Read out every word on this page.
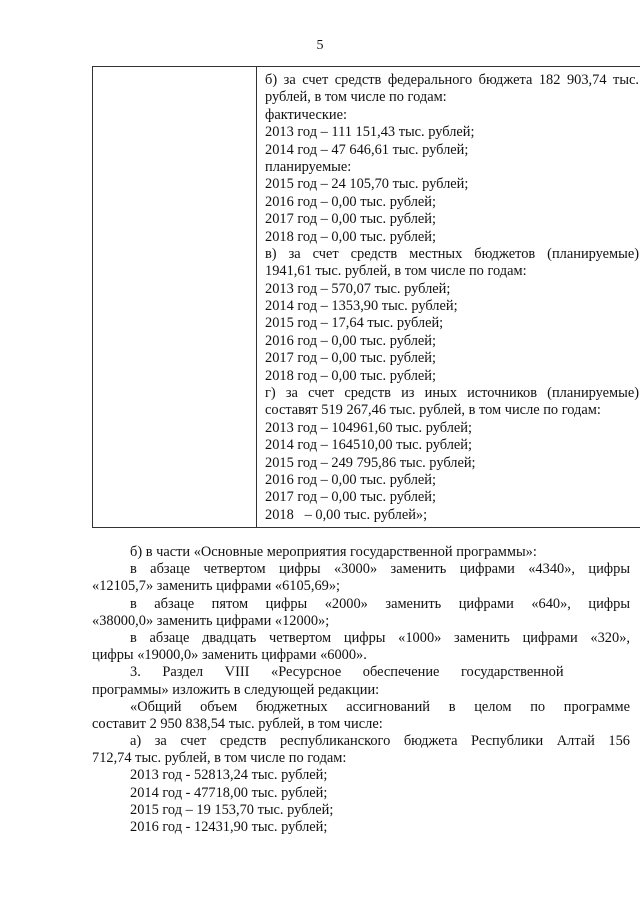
5
б) за счет средств федерального бюджета 182 903,74 тыс.
рублей, в том числе по годам:
фактические:
2013 год – 111 151,43 тыс. рублей;
2014 год – 47 646,61 тыс. рублей;
планируемые:
2015 год – 24 105,70 тыс. рублей;
2016 год – 0,00 тыс. рублей;
2017 год – 0,00 тыс. рублей;
2018 год – 0,00 тыс. рублей;
в) за счет средств местных бюджетов (планируемые)
1941,61 тыс. рублей, в том числе по годам:
2013 год – 570,07 тыс. рублей;
2014 год – 1353,90 тыс. рублей;
2015 год – 17,64 тыс. рублей;
2016 год – 0,00 тыс. рублей;
2017 год – 0,00 тыс. рублей;
2018 год – 0,00 тыс. рублей;
г) за счет средств из иных источников (планируемые)
составят 519 267,46 тыс. рублей, в том числе по годам:
2013 год – 104961,60 тыс. рублей;
2014 год – 164510,00 тыс. рублей;
2015 год – 249 795,86 тыс. рублей;
2016 год – 0,00 тыс. рублей;
2017 год – 0,00 тыс. рублей;
2018   – 0,00 тыс. рублей»;
б) в части «Основные мероприятия государственной программы»:
в абзаце четвертом цифры «3000» заменить цифрами «4340», цифры
«12105,7» заменить цифрами «6105,69»;
в абзаце пятом цифры «2000» заменить цифрами «640», цифры
«38000,0» заменить цифрами «12000»;
в абзаце двадцать четвертом цифры «1000» заменить цифрами «320»,
цифры «19000,0» заменить цифрами «6000».
3.      Раздел      VIII      «Ресурсное      обеспечение      государственной
программы» изложить в следующей редакции:
«Общий объем бюджетных ассигнований в целом по программе
составит 2 950 838,54 тыс. рублей, в том числе:
а) за счет средств республиканского бюджета Республики Алтай 156
712,74 тыс. рублей, в том числе по годам:
2013 год - 52813,24 тыс. рублей;
2014 год - 47718,00 тыс. рублей;
2015 год – 19 153,70 тыс. рублей;
2016 год - 12431,90 тыс. рублей;
